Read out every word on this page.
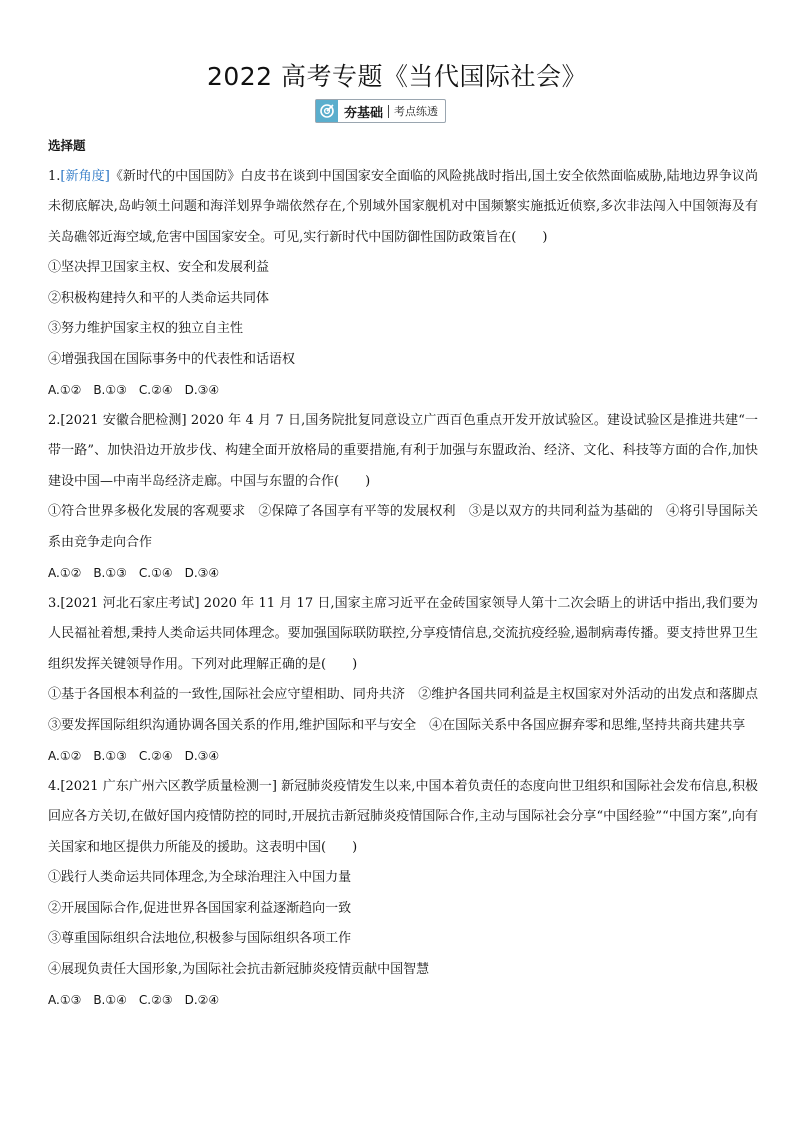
2022 高考专题《当代国际社会》
夯基础	考点练透
选择题

1.[新角度]《新时代的中国国防》白皮书在谈到中国国家安全面临的风险挑战时指出,国土安全依然面临威胁,陆地边界争议尚未彻底解决,岛屿领土问题和海洋划界争端依然存在,个别域外国家舰机对中国频繁实施抵近侦察,多次非法闯入中国领海及有关岛礁邻近海空域,危害中国国家安全。可见,实行新时代中国防御性国防政策旨在(　　)

①坚决捍卫国家主权、安全和发展利益

②积极构建持久和平的人类命运共同体

③努力维护国家主权的独立自主性

④增强我国在国际事务中的代表性和话语权

A.①②　B.①③　C.②④　D.③④

2.[2021 安徽合肥检测] 2020 年 4 月 7 日,国务院批复同意设立广西百色重点开发开放试验区。建设试验区是推进共建“一带一路”、加快沿边开放步伐、构建全面开放格局的重要措施,有利于加强与东盟政治、经济、文化、科技等方面的合作,加快建设中国—中南半岛经济走廊。中国与东盟的合作(　　)

①符合世界多极化发展的客观要求　②保障了各国享有平等的发展权利　③是以双方的共同利益为基础的　④将引导国际关系由竞争走向合作

A.①②　B.①③　C.①④　D.③④

3.[2021 河北石家庄考试] 2020 年 11 月 17 日,国家主席习近平在金砖国家领导人第十二次会晤上的讲话中指出,我们要为人民福祉着想,秉持人类命运共同体理念。要加强国际联防联控,分享疫情信息,交流抗疫经验,遏制病毒传播。要支持世界卫生组织发挥关键领导作用。下列对此理解正确的是(　　)

①基于各国根本利益的一致性,国际社会应守望相助、同舟共济　②维护各国共同利益是主权国家对外活动的出发点和落脚点　③要发挥国际组织沟通协调各国关系的作用,维护国际和平与安全　④在国际关系中各国应摒弃零和思维,坚持共商共建共享

A.①②　B.①③　C.②④　D.③④

4.[2021 广东广州六区教学质量检测一] 新冠肺炎疫情发生以来,中国本着负责任的态度向世卫组织和国际社会发布信息,积极回应各方关切,在做好国内疫情防控的同时,开展抗击新冠肺炎疫情国际合作,主动与国际社会分享“中国经验”“中国方案”,向有关国家和地区提供力所能及的援助。这表明中国(　　)

①践行人类命运共同体理念,为全球治理注入中国力量

②开展国际合作,促进世界各国国家利益逐渐趋向一致

③尊重国际组织合法地位,积极参与国际组织各项工作

④展现负责任大国形象,为国际社会抗击新冠肺炎疫情贡献中国智慧

A.①③　B.①④　C.②③　D.②④
